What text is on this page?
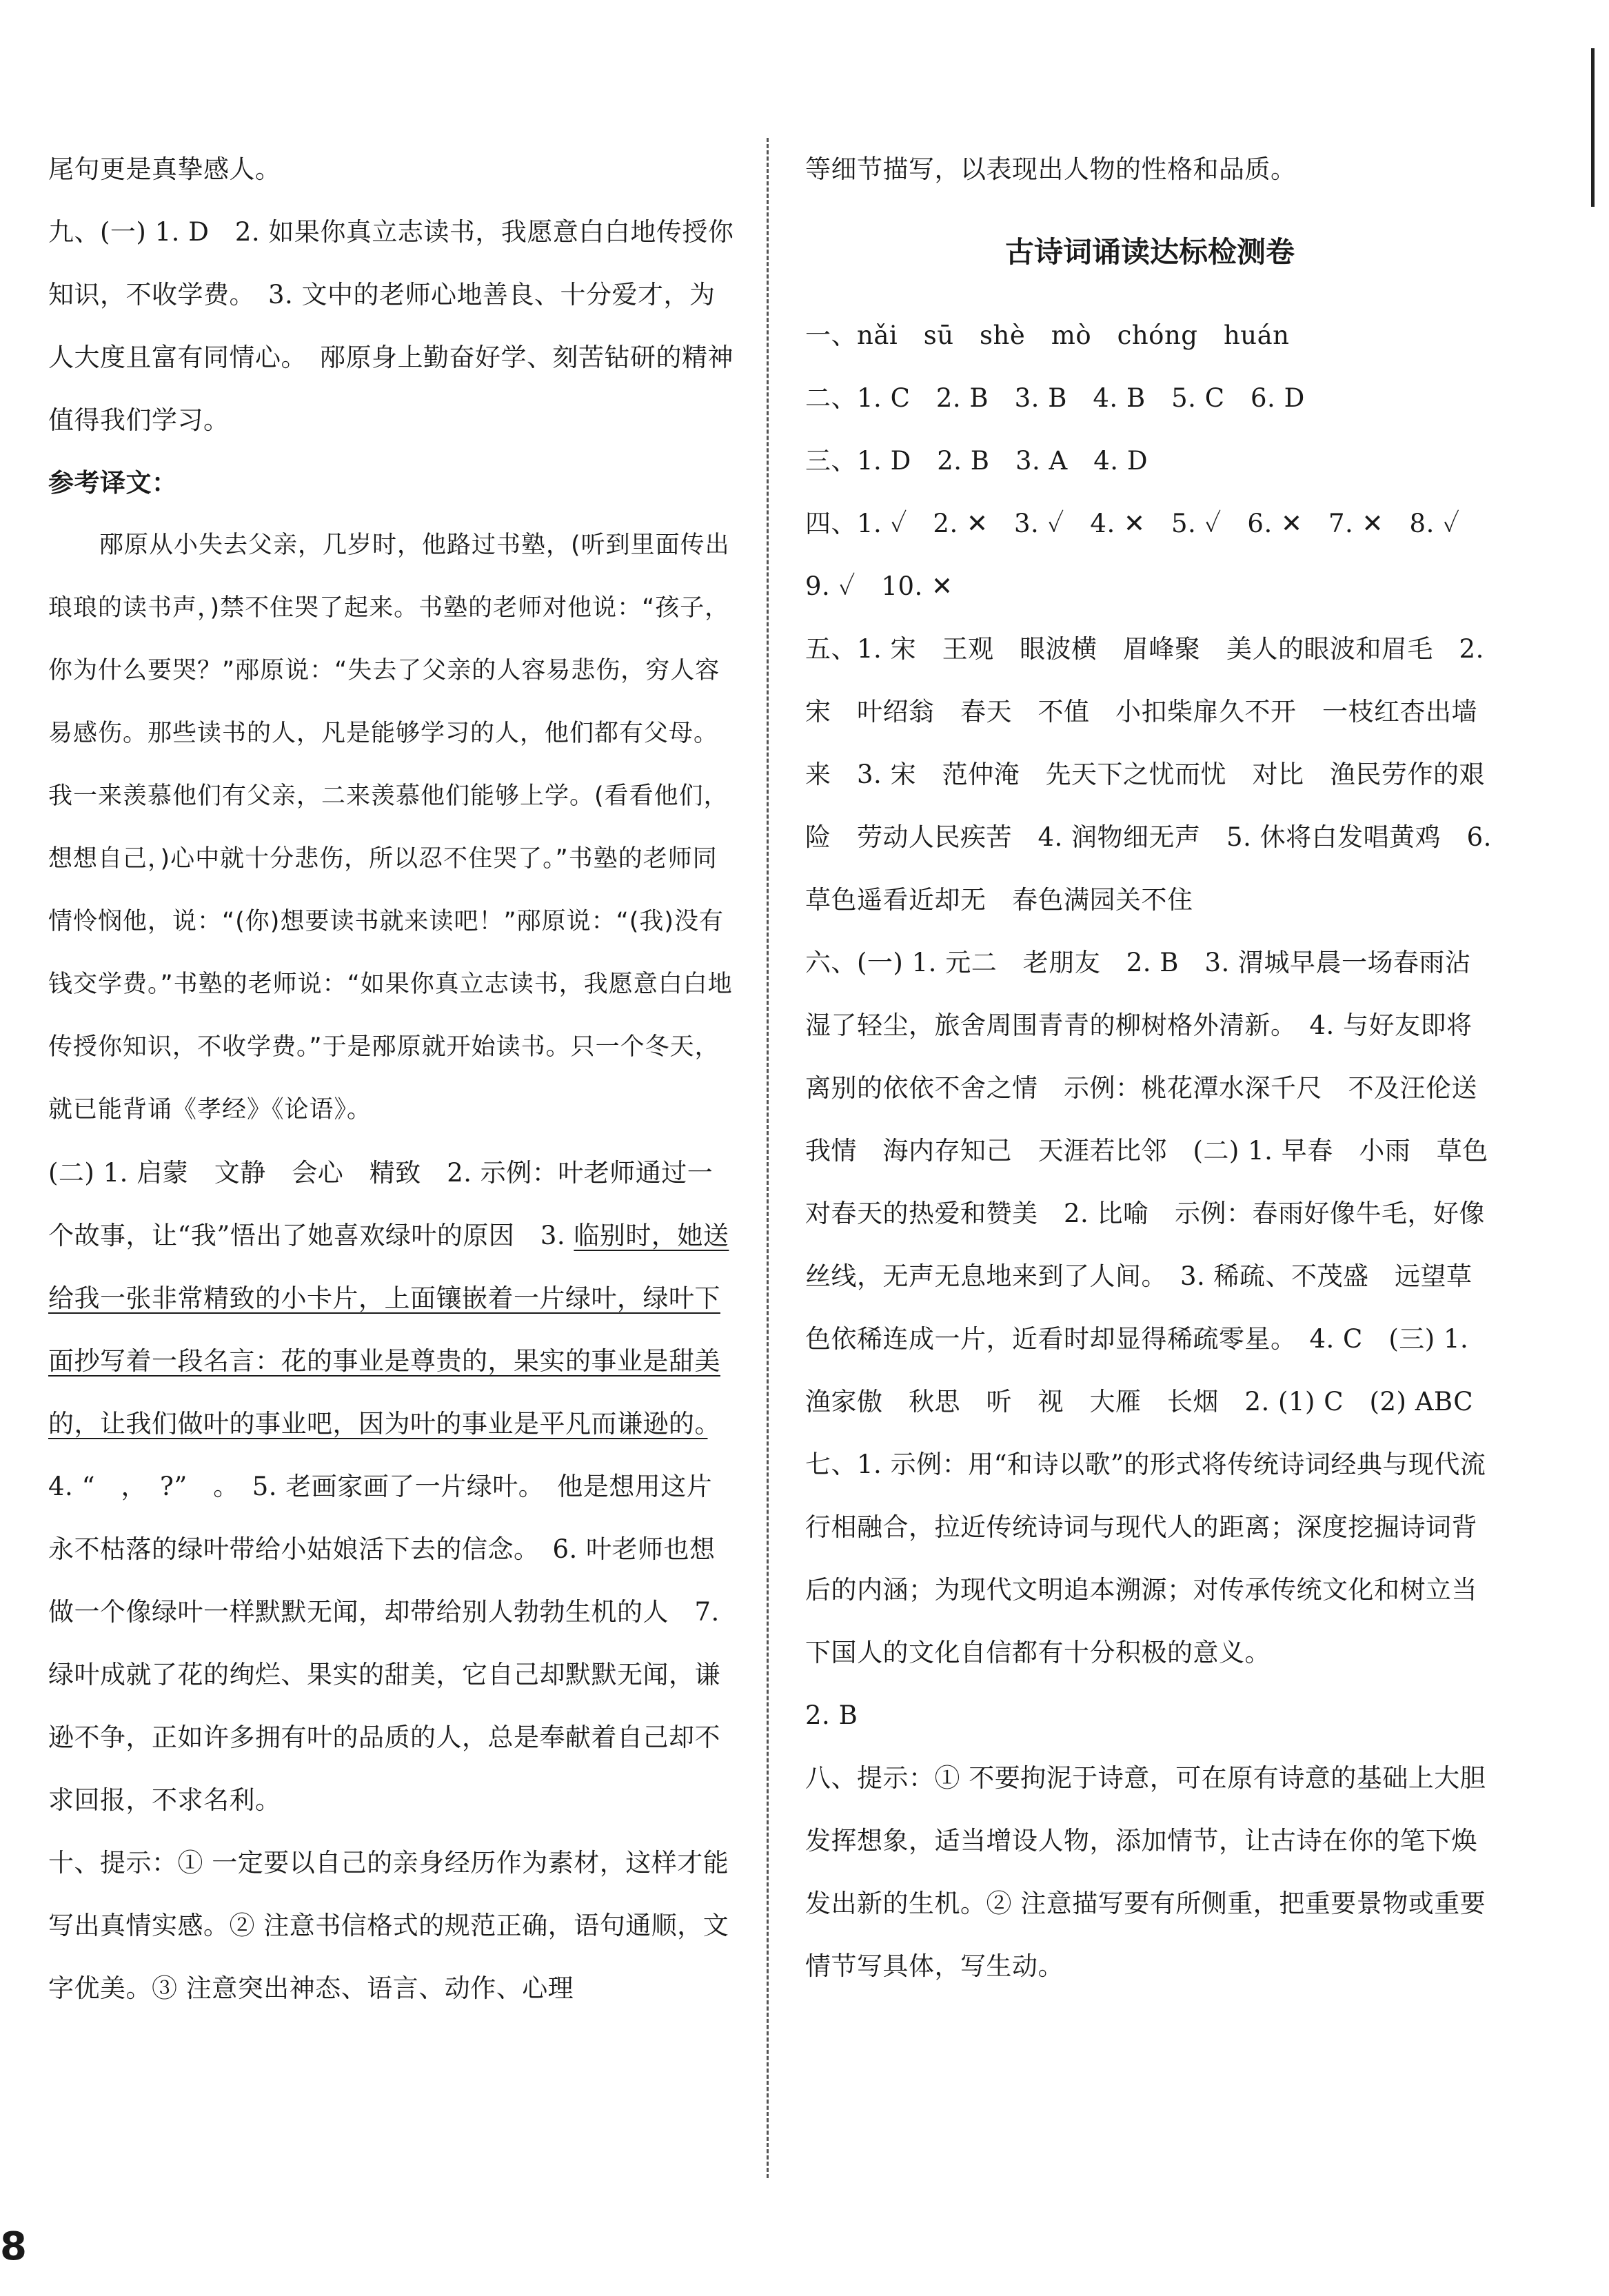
尾句更是真挚感人。

九、(一) 1. D　2. 如果你真立志读书，我愿意白白地传授你知识，不收学费。　3. 文中的老师心地善良、十分爱才，为人大度且富有同情心。　邴原身上勤奋好学、刻苦钻研的精神值得我们学习。

参考译文：

邴原从小失去父亲，几岁时，他路过书塾，(听到里面传出琅琅的读书声，)禁不住哭了起来。书塾的老师对他说：“孩子，你为什么要哭？”邴原说：“失去了父亲的人容易悲伤，穷人容易感伤。那些读书的人，凡是能够学习的人，他们都有父母。我一来羡慕他们有父亲，二来羡慕他们能够上学。(看看他们，想想自己，)心中就十分悲伤，所以忍不住哭了。”书塾的老师同情怜悯他，说：“(你)想要读书就来读吧！”邴原说：“(我)没有钱交学费。”书塾的老师说：“如果你真立志读书，我愿意白白地传授你知识，不收学费。”于是邴原就开始读书。只一个冬天，就已能背诵《孝经》《论语》。

(二) 1. 启蒙　文静　会心　精致　2. 示例：叶老师通过一个故事，让“我”悟出了她喜欢绿叶的原因　3. 临别时，她送给我一张非常精致的小卡片，上面镶嵌着一片绿叶，绿叶下面抄写着一段名言：花的事业是尊贵的，果实的事业是甜美的，让我们做叶的事业吧，因为叶的事业是平凡而谦逊的。　4. “　，　?”　。　5. 老画家画了一片绿叶。　他是想用这片永不枯落的绿叶带给小姑娘活下去的信念。　6. 叶老师也想做一个像绿叶一样默默无闻，却带给别人勃勃生机的人　7. 绿叶成就了花的绚烂、果实的甜美，它自己却默默无闻，谦逊不争，正如许多拥有叶的品质的人，总是奉献着自己却不求回报，不求名利。

十、提示：① 一定要以自己的亲身经历作为素材，这样才能写出真情实感。② 注意书信格式的规范正确，语句通顺，文字优美。③ 注意突出神态、语言、动作、心理

等细节描写，以表现出人物的性格和品质。

古诗词诵读达标检测卷

一、nǎi　sū　shè　mò　chóng　huán

二、1. C　2. B　3. B　4. B　5. C　6. D

三、1. D　2. B　3. A　4. D

四、1. ✓　2. ✕　3. ✓　4. ✕　5. ✓　6. ✕　7. ✕　8. ✓　9. ✓　10. ✕

五、1. 宋　王观　眼波横　眉峰聚　美人的眼波和眉毛　2. 宋　叶绍翁　春天　不值　小扣柴扉久不开　一枝红杏出墙来　3. 宋　范仲淹　先天下之忧而忧　对比　渔民劳作的艰险　劳动人民疾苦　4. 润物细无声　5. 休将白发唱黄鸡　6. 草色遥看近却无　春色满园关不住

六、(一) 1. 元二　老朋友　2. B　3. 渭城早晨一场春雨沾湿了轻尘，旅舍周围青青的柳树格外清新。　4. 与好友即将离别的依依不舍之情　示例：桃花潭水深千尺　不及汪伦送我情　海内存知己　天涯若比邻　(二) 1. 早春　小雨　草色　对春天的热爱和赞美　2. 比喻　示例：春雨好像牛毛，好像丝线，无声无息地来到了人间。　3. 稀疏、不茂盛　远望草色依稀连成一片，近看时却显得稀疏零星。　4. C　(三) 1. 渔家傲　秋思　听　视　大雁　长烟　2. (1) C　(2) ABC

七、1. 示例：用“和诗以歌”的形式将传统诗词经典与现代流行相融合，拉近传统诗词与现代人的距离；深度挖掘诗词背后的内涵；为现代文明追本溯源；对传承传统文化和树立当下国人的文化自信都有十分积极的意义。

2. B

八、提示：① 不要拘泥于诗意，可在原有诗意的基础上大胆发挥想象，适当增设人物，添加情节，让古诗在你的笔下焕发出新的生机。② 注意描写要有所侧重，把重要景物或重要情节写具体，写生动。

8
